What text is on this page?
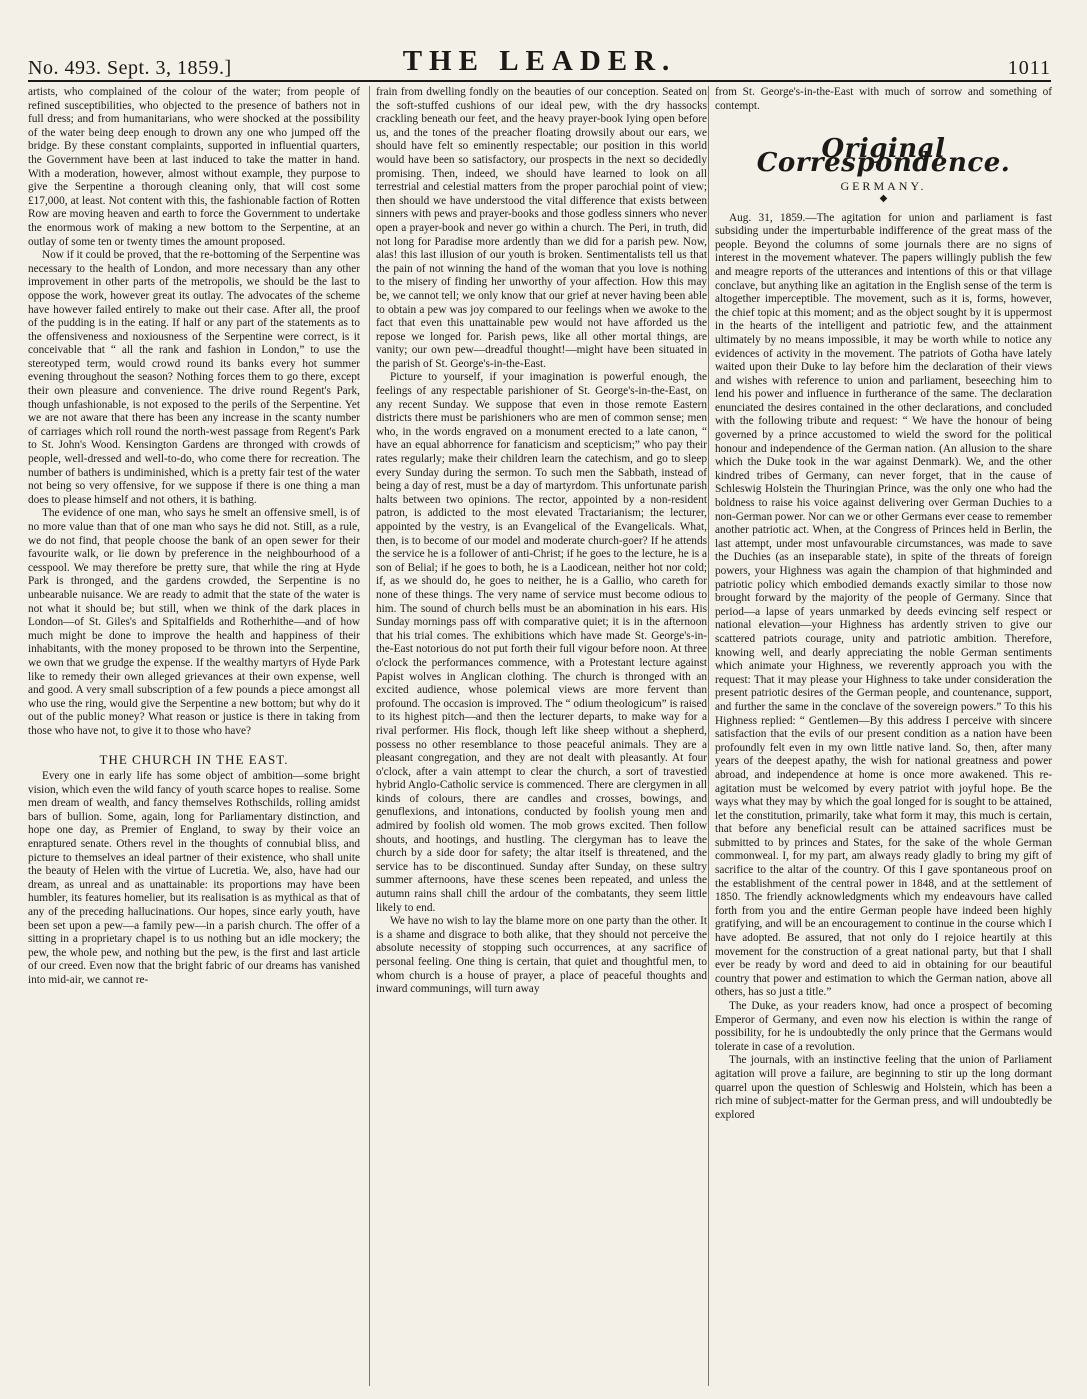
No. 493. Sept. 3, 1859.]	THE LEADER.	1011

artists, who complained of the colour of the water; from people of refined susceptibilities, who objected to the presence of bathers not in full dress; and from humanitarians, who were shocked at the possibility of the water being deep enough to drown any one who jumped off the bridge. By these constant complaints, supported in influential quarters, the Government have been at last induced to take the matter in hand. With a moderation, however, almost without example, they purpose to give the Serpentine a thorough cleaning only, that will cost some £17,000, at least. Not content with this, the fashionable faction of Rotten Row are moving heaven and earth to force the Government to undertake the enormous work of making a new bottom to the Serpentine, at an outlay of some ten or twenty times the amount proposed.

Now if it could be proved, that the re-bottoming of the Serpentine was necessary to the health of London, and more necessary than any other improvement in other parts of the metropolis, we should be the last to oppose the work, however great its outlay. The advocates of the scheme have however failed entirely to make out their case. After all, the proof of the pudding is in the eating. If half or any part of the statements as to the offensiveness and noxiousness of the Serpentine were correct, is it conceivable that “ all the rank and fashion in London,” to use the stereotyped term, would crowd round its banks every hot summer evening throughout the season? Nothing forces them to go there, except their own pleasure and convenience. The drive round Regent's Park, though unfashionable, is not exposed to the perils of the Serpentine. Yet we are not aware that there has been any increase in the scanty number of carriages which roll round the north-west passage from Regent's Park to St. John's Wood. Kensington Gardens are thronged with crowds of people, well-dressed and well-to-do, who come there for recreation. The number of bathers is undiminished, which is a pretty fair test of the water not being so very offensive, for we suppose if there is one thing a man does to please himself and not others, it is bathing.

The evidence of one man, who says he smelt an offensive smell, is of no more value than that of one man who says he did not. Still, as a rule, we do not find, that people choose the bank of an open sewer for their favourite walk, or lie down by preference in the neighbourhood of a cesspool. We may therefore be pretty sure, that while the ring at Hyde Park is thronged, and the gardens crowded, the Serpentine is no unbearable nuisance. We are ready to admit that the state of the water is not what it should be; but still, when we think of the dark places in London—of St. Giles's and Spitalfields and Rotherhithe—and of how much might be done to improve the health and happiness of their inhabitants, with the money proposed to be thrown into the Serpentine, we own that we grudge the expense. If the wealthy martyrs of Hyde Park like to remedy their own alleged grievances at their own expense, well and good. A very small subscription of a few pounds a piece amongst all who use the ring, would give the Serpentine a new bottom; but why do it out of the public money? What reason or justice is there in taking from those who have not, to give it to those who have?

THE CHURCH IN THE EAST.

Every one in early life has some object of ambition—some bright vision, which even the wild fancy of youth scarce hopes to realise. Some men dream of wealth, and fancy themselves Rothschilds, rolling amidst bars of bullion. Some, again, long for Parliamentary distinction, and hope one day, as Premier of England, to sway by their voice an enraptured senate. Others revel in the thoughts of connubial bliss, and picture to themselves an ideal partner of their existence, who shall unite the beauty of Helen with the virtue of Lucretia. We, also, have had our dream, as unreal and as unattainable: its proportions may have been humbler, its features homelier, but its realisation is as mythical as that of any of the preceding hallucinations. Our hopes, since early youth, have been set upon a pew—a family pew—in a parish church. The offer of a sitting in a proprietary chapel is to us nothing but an idle mockery; the pew, the whole pew, and nothing but the pew, is the first and last article of our creed. Even now that the bright fabric of our dreams has vanished into mid-air, we cannot re-

frain from dwelling fondly on the beauties of our conception. Seated on the soft-stuffed cushions of our ideal pew, with the dry hassocks crackling beneath our feet, and the heavy prayer-book lying open before us, and the tones of the preacher floating drowsily about our ears, we should have felt so eminently respectable; our position in this world would have been so satisfactory, our prospects in the next so decidedly promising. Then, indeed, we should have learned to look on all terrestrial and celestial matters from the proper parochial point of view; then should we have understood the vital difference that exists between sinners with pews and prayer-books and those godless sinners who never open a prayer-book and never go within a church. The Peri, in truth, did not long for Paradise more ardently than we did for a parish pew. Now, alas! this last illusion of our youth is broken. Sentimentalists tell us that the pain of not winning the hand of the woman that you love is nothing to the misery of finding her unworthy of your affection. How this may be, we cannot tell; we only know that our grief at never having been able to obtain a pew was joy compared to our feelings when we awoke to the fact that even this unattainable pew would not have afforded us the repose we longed for. Parish pews, like all other mortal things, are vanity; our own pew—dreadful thought!—might have been situated in the parish of St. George's-in-the-East.

Picture to yourself, if your imagination is powerful enough, the feelings of any respectable parishioner of St. George's-in-the-East, on any recent Sunday. We suppose that even in those remote Eastern districts there must be parishioners who are men of common sense; men who, in the words engraved on a monument erected to a late canon, “ have an equal abhorrence for fanaticism and scepticism;” who pay their rates regularly; make their children learn the catechism, and go to sleep every Sunday during the sermon. To such men the Sabbath, instead of being a day of rest, must be a day of martyrdom. This unfortunate parish halts between two opinions. The rector, appointed by a non-resident patron, is addicted to the most elevated Tractarianism; the lecturer, appointed by the vestry, is an Evangelical of the Evangelicals. What, then, is to become of our model and moderate church-goer? If he attends the service he is a follower of anti-Christ; if he goes to the lecture, he is a son of Belial; if he goes to both, he is a Laodicean, neither hot nor cold; if, as we should do, he goes to neither, he is a Gallio, who careth for none of these things. The very name of service must become odious to him. The sound of church bells must be an abomination in his ears. His Sunday mornings pass off with comparative quiet; it is in the afternoon that his trial comes. The exhibitions which have made St. George's-in-the-East notorious do not put forth their full vigour before noon. At three o'clock the performances commence, with a Protestant lecture against Papist wolves in Anglican clothing. The church is thronged with an excited audience, whose polemical views are more fervent than profound. The occasion is improved. The “ odium theologicum” is raised to its highest pitch—and then the lecturer departs, to make way for a rival performer. His flock, though left like sheep without a shepherd, possess no other resemblance to those peaceful animals. They are a pleasant congregation, and they are not dealt with pleasantly. At four o'clock, after a vain attempt to clear the church, a sort of travestied hybrid Anglo-Catholic service is commenced. There are clergymen in all kinds of colours, there are candles and crosses, bowings, and genuflexions, and intonations, conducted by foolish young men and admired by foolish old women. The mob grows excited. Then follow shouts, and hootings, and hustling. The clergyman has to leave the church by a side door for safety; the altar itself is threatened, and the service has to be discontinued. Sunday after Sunday, on these sultry summer afternoons, have these scenes been repeated, and unless the autumn rains shall chill the ardour of the combatants, they seem little likely to end.

We have no wish to lay the blame more on one party than the other. It is a shame and disgrace to both alike, that they should not perceive the absolute necessity of stopping such occurrences, at any sacrifice of personal feeling. One thing is certain, that quiet and thoughtful men, to whom church is a house of prayer, a place of peaceful thoughts and inward communings, will turn away

from St. George's-in-the-East with much of sorrow and something of contempt.

Original Correspondence.
GERMANY.
◆

Aug. 31, 1859.—The agitation for union and parliament is fast subsiding under the imperturbable indifference of the great mass of the people. Beyond the columns of some journals there are no signs of interest in the movement whatever. The papers willingly publish the few and meagre reports of the utterances and intentions of this or that village conclave, but anything like an agitation in the English sense of the term is altogether imperceptible. The movement, such as it is, forms, however, the chief topic at this moment; and as the object sought by it is uppermost in the hearts of the intelligent and patriotic few, and the attainment ultimately by no means impossible, it may be worth while to notice any evidences of activity in the movement. The patriots of Gotha have lately waited upon their Duke to lay before him the declaration of their views and wishes with reference to union and parliament, beseeching him to lend his power and influence in furtherance of the same. The declaration enunciated the desires contained in the other declarations, and concluded with the following tribute and request: “ We have the honour of being governed by a prince accustomed to wield the sword for the political honour and independence of the German nation. (An allusion to the share which the Duke took in the war against Denmark). We, and the other kindred tribes of Germany, can never forget, that in the cause of Schleswig Holstein the Thuringian Prince, was the only one who had the boldness to raise his voice against delivering over German Duchies to a non-German power. Nor can we or other Germans ever cease to remember another patriotic act. When, at the Congress of Princes held in Berlin, the last attempt, under most unfavourable circumstances, was made to save the Duchies (as an inseparable state), in spite of the threats of foreign powers, your Highness was again the champion of that highminded and patriotic policy which embodied demands exactly similar to those now brought forward by the majority of the people of Germany. Since that period—a lapse of years unmarked by deeds evincing self respect or national elevation—your Highness has ardently striven to give our scattered patriots courage, unity and patriotic ambition. Therefore, knowing well, and dearly appreciating the noble German sentiments which animate your Highness, we reverently approach you with the request: That it may please your Highness to take under consideration the present patriotic desires of the German people, and countenance, support, and further the same in the conclave of the sovereign powers.” To this his Highness replied: “ Gentlemen—By this address I perceive with sincere satisfaction that the evils of our present condition as a nation have been profoundly felt even in my own little native land. So, then, after many years of the deepest apathy, the wish for national greatness and power abroad, and independence at home is once more awakened. This re-agitation must be welcomed by every patriot with joyful hope. Be the ways what they may by which the goal longed for is sought to be attained, let the constitution, primarily, take what form it may, this much is certain, that before any beneficial result can be attained sacrifices must be submitted to by princes and States, for the sake of the whole German commonweal. I, for my part, am always ready gladly to bring my gift of sacrifice to the altar of the country. Of this I gave spontaneous proof on the establishment of the central power in 1848, and at the settlement of 1850. The friendly acknowledgments which my endeavours have called forth from you and the entire German people have indeed been highly gratifying, and will be an encouragement to continue in the course which I have adopted. Be assured, that not only do I rejoice heartily at this movement for the construction of a great national party, but that I shall ever be ready by word and deed to aid in obtaining for our beautiful country that power and estimation to which the German nation, above all others, has so just a title.”

The Duke, as your readers know, had once a prospect of becoming Emperor of Germany, and even now his election is within the range of possibility, for he is undoubtedly the only prince that the Germans would tolerate in case of a revolution.

The journals, with an instinctive feeling that the union of Parliament agitation will prove a failure, are beginning to stir up the long dormant quarrel upon the question of Schleswig and Holstein, which has been a rich mine of subject-matter for the German press, and will undoubtedly be explored
